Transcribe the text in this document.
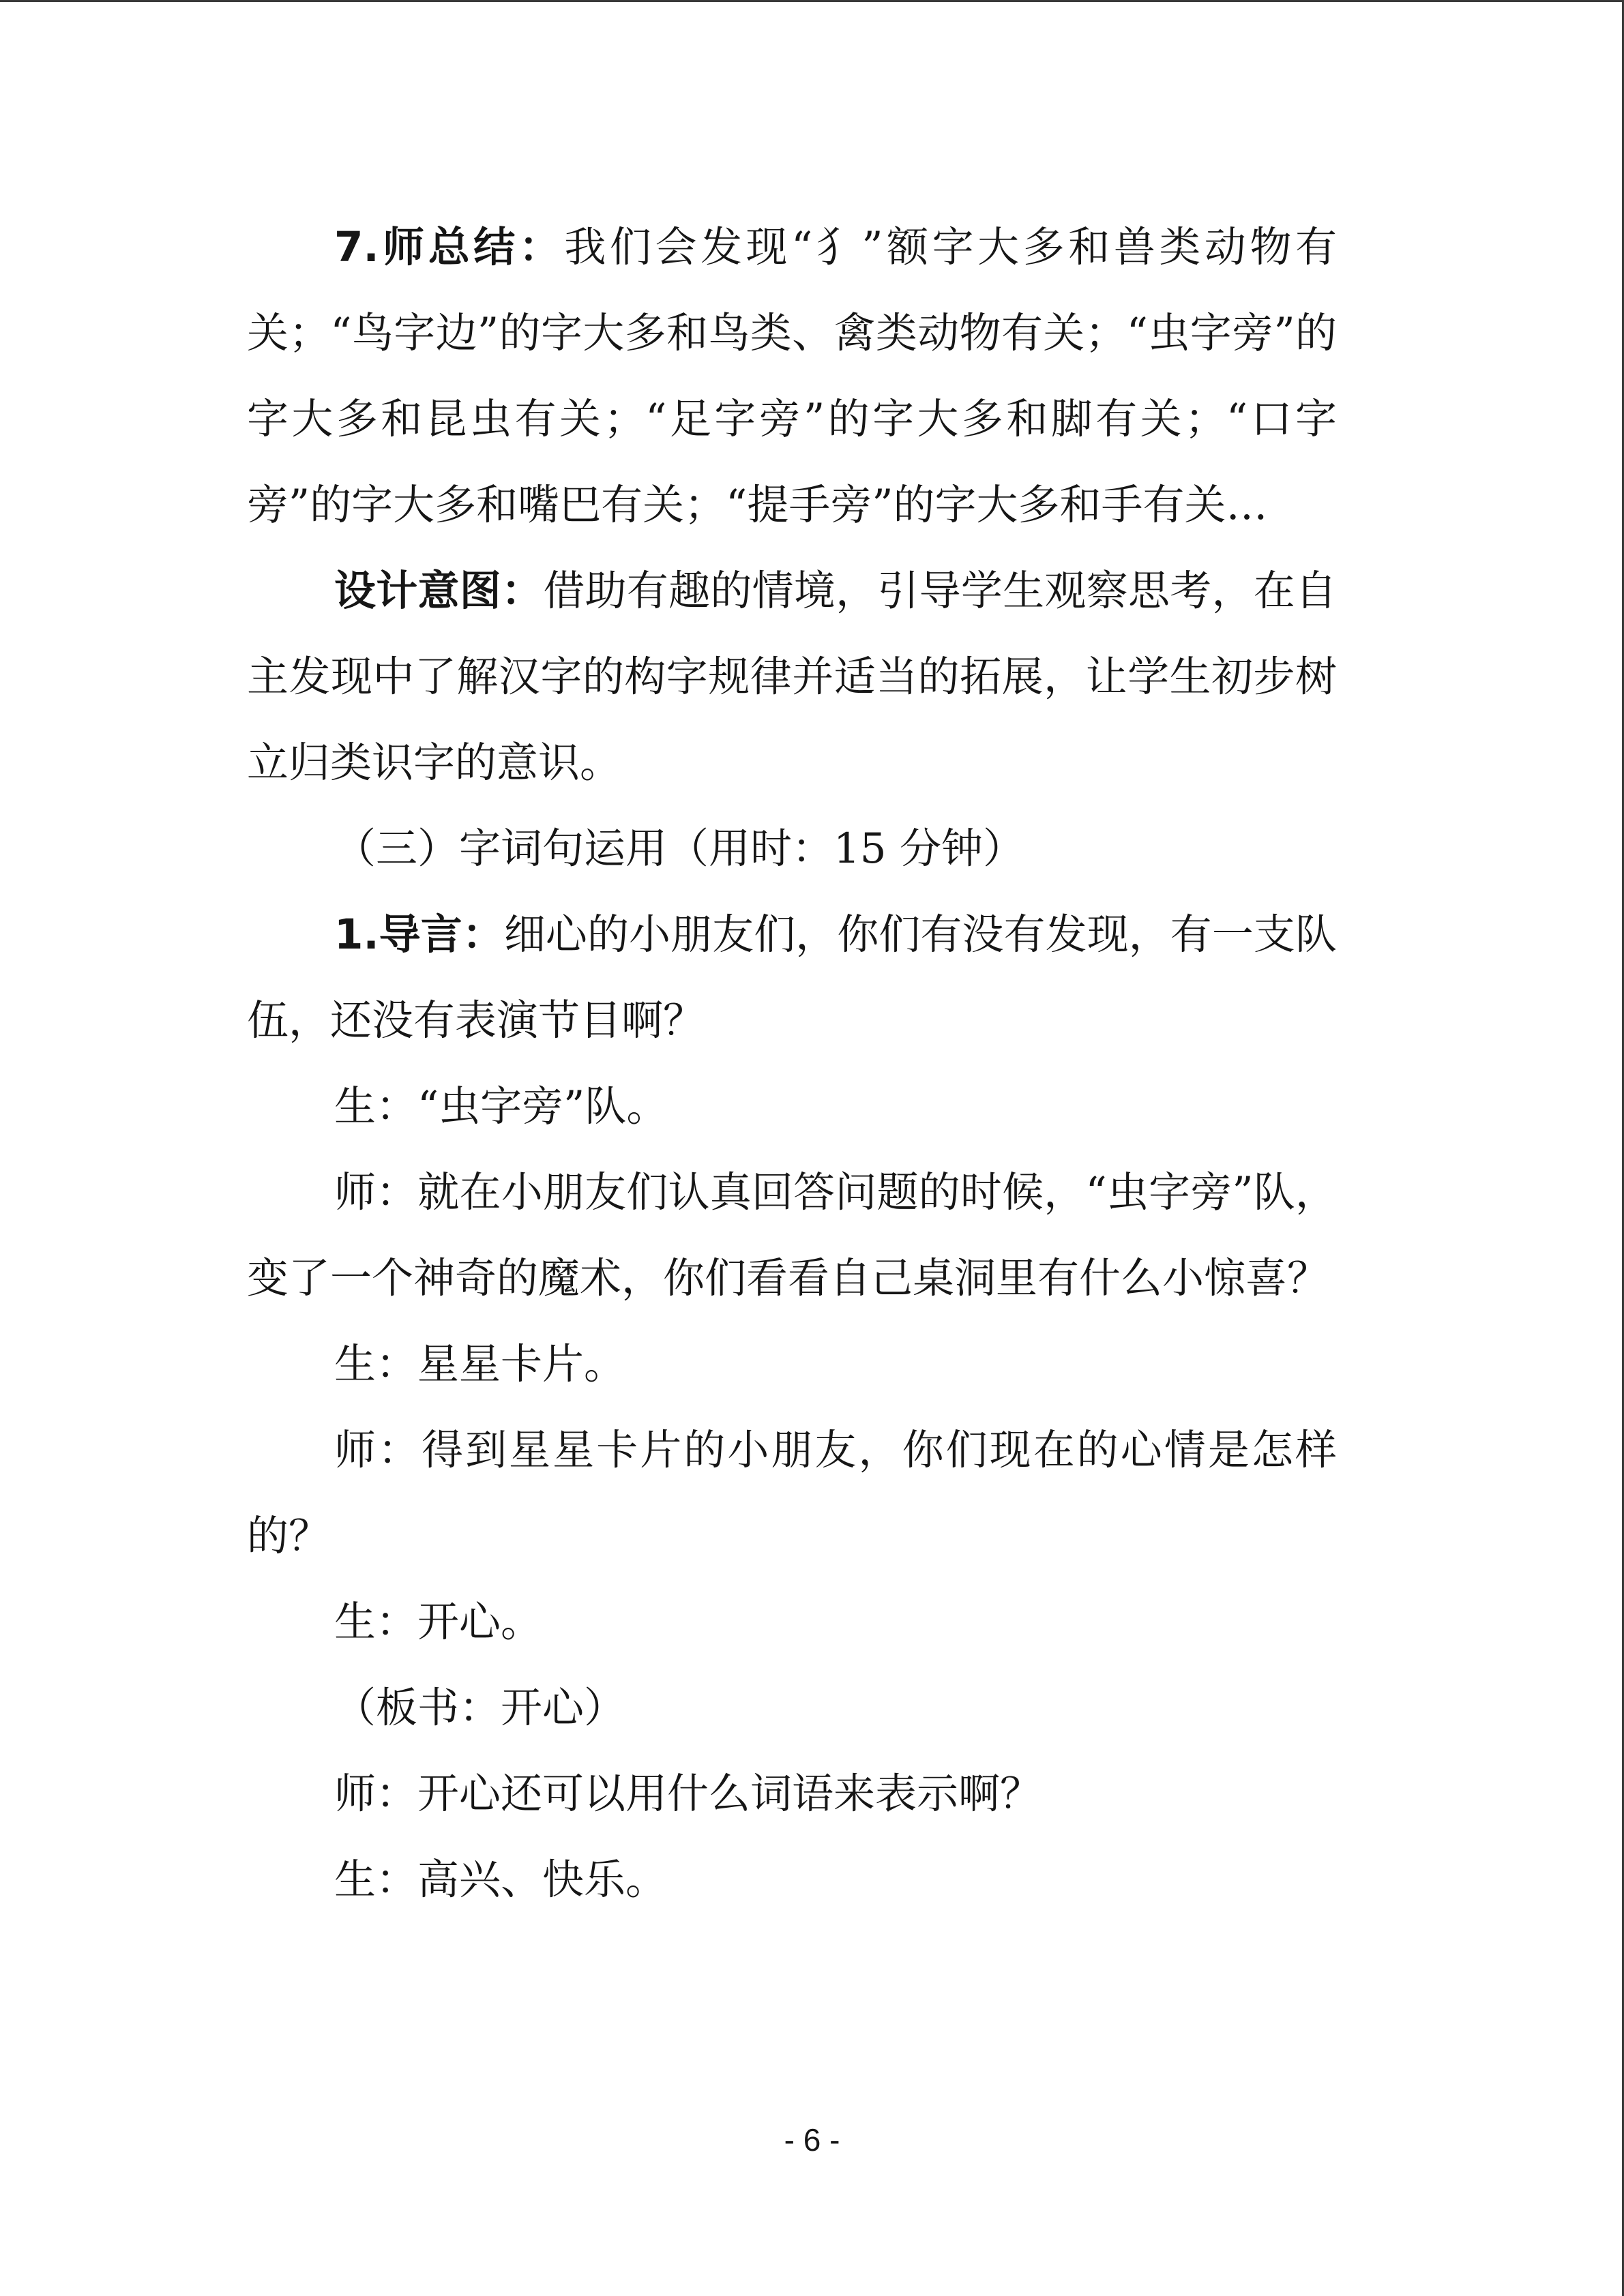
7.师总结：我们会发现“犭”额字大多和兽类动物有关；“鸟字边”的字大多和鸟类、禽类动物有关；“虫字旁”的字大多和昆虫有关；“足字旁”的字大多和脚有关；“口字旁”的字大多和嘴巴有关；“提手旁”的字大多和手有关…

设计意图：借助有趣的情境，引导学生观察思考，在自主发现中了解汉字的构字规律并适当的拓展，让学生初步树立归类识字的意识。

（三）字词句运用（用时：15 分钟）

1.导言：细心的小朋友们，你们有没有发现，有一支队伍，还没有表演节目啊？

生：“虫字旁”队。

师：就在小朋友们认真回答问题的时候，“虫字旁”队，变了一个神奇的魔术，你们看看自己桌洞里有什么小惊喜？

生：星星卡片。

师：得到星星卡片的小朋友，你们现在的心情是怎样的？

生：开心。

（板书：开心）

师：开心还可以用什么词语来表示啊？

生：高兴、快乐。

- 6 -
